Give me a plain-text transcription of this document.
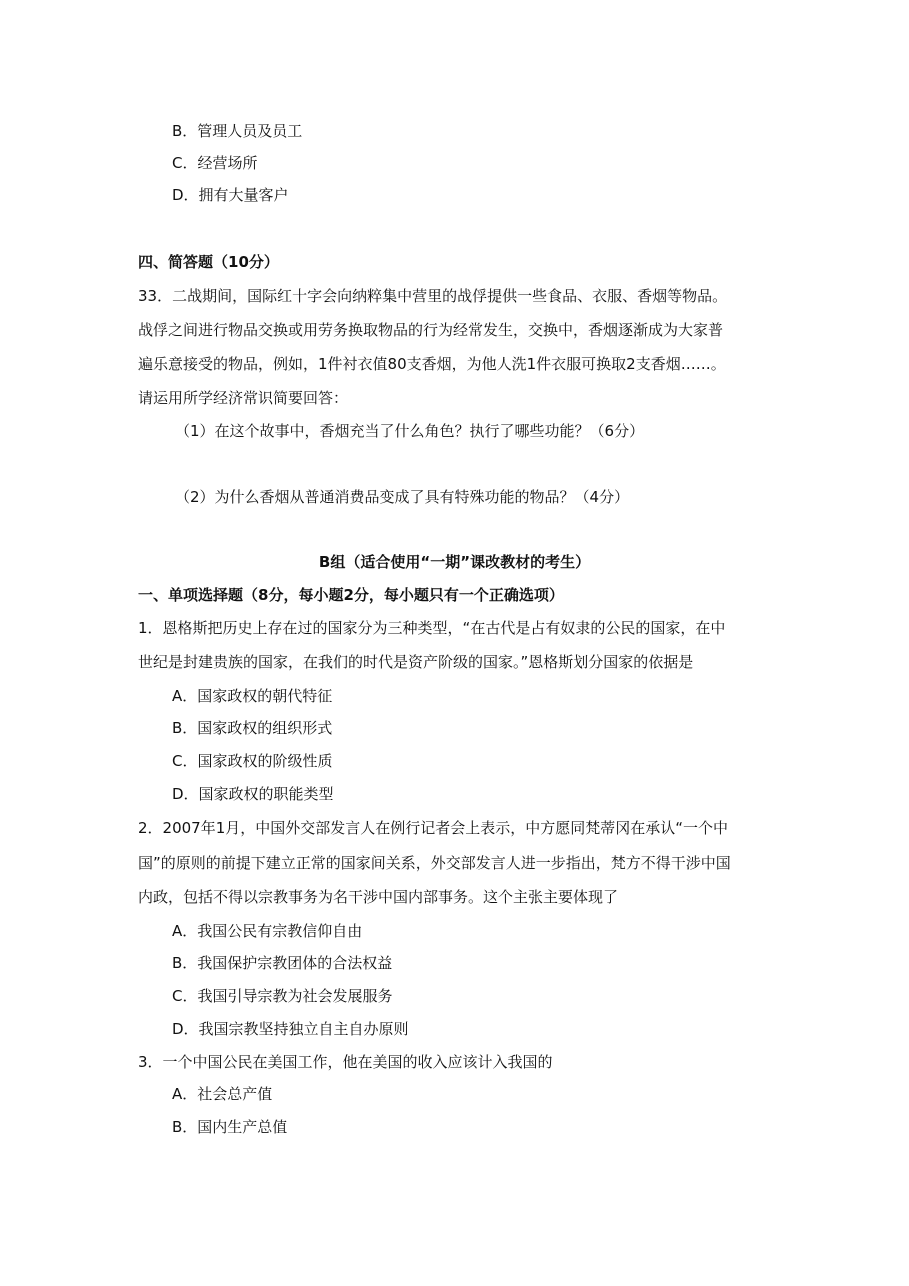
B．管理人员及员工
C．经营场所
D．拥有大量客户
四、简答题（10分）
33．二战期间，国际红十字会向纳粹集中营里的战俘提供一些食品、衣服、香烟等物品。
战俘之间进行物品交换或用劳务换取物品的行为经常发生，交换中，香烟逐渐成为大家普
遍乐意接受的物品，例如，1件衬衣值80支香烟，为他人洗1件衣服可换取2支香烟……。
请运用所学经济常识简要回答：
（1）在这个故事中，香烟充当了什么角色？执行了哪些功能？（6分）
（2）为什么香烟从普通消费品变成了具有特殊功能的物品？（4分）
B组（适合使用“一期”课改教材的考生）
一、单项选择题（8分，每小题2分，每小题只有一个正确选项）
1．恩格斯把历史上存在过的国家分为三种类型，“在古代是占有奴隶的公民的国家，在中
世纪是封建贵族的国家，在我们的时代是资产阶级的国家。”恩格斯划分国家的依据是
A．国家政权的朝代特征
B．国家政权的组织形式
C．国家政权的阶级性质
D．国家政权的职能类型
2．2007年1月，中国外交部发言人在例行记者会上表示，中方愿同梵蒂冈在承认“一个中
国”的原则的前提下建立正常的国家间关系，外交部发言人进一步指出，梵方不得干涉中国
内政，包括不得以宗教事务为名干涉中国内部事务。这个主张主要体现了
A．我国公民有宗教信仰自由
B．我国保护宗教团体的合法权益
C．我国引导宗教为社会发展服务
D．我国宗教坚持独立自主自办原则
3．一个中国公民在美国工作，他在美国的收入应该计入我国的
A．社会总产值
B．国内生产总值
